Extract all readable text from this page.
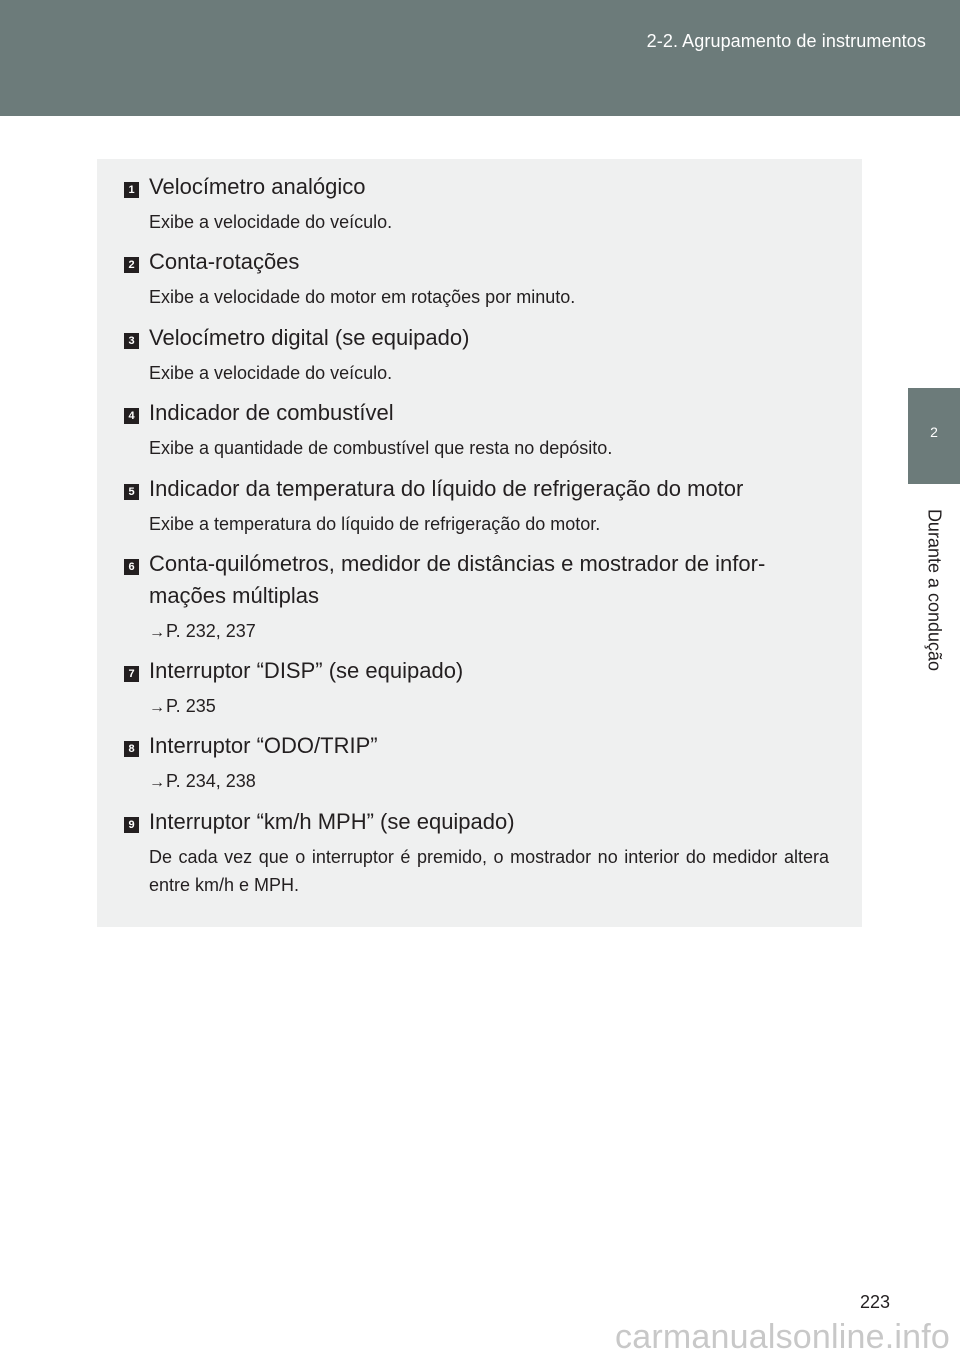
2-2. Agrupamento de instrumentos
2
Durante a condução
1 Velocímetro analógico
Exibe a velocidade do veículo.
2 Conta-rotações
Exibe a velocidade do motor em rotações por minuto.
3 Velocímetro digital (se equipado)
Exibe a velocidade do veículo.
4 Indicador de combustível
Exibe a quantidade de combustível que resta no depósito.
5 Indicador da temperatura do líquido de refrigeração do motor
Exibe a temperatura do líquido de refrigeração do motor.
6 Conta-quilómetros, medidor de distâncias e mostrador de infor-
mações múltiplas
→P. 232, 237
7 Interruptor “DISP” (se equipado)
→P. 235
8 Interruptor “ODO/TRIP”
→P. 234, 238
9 Interruptor “km/h MPH” (se equipado)
De cada vez que o interruptor é premido, o mostrador no interior do medidor altera entre km/h e MPH.
223
carmanualsonline.info
